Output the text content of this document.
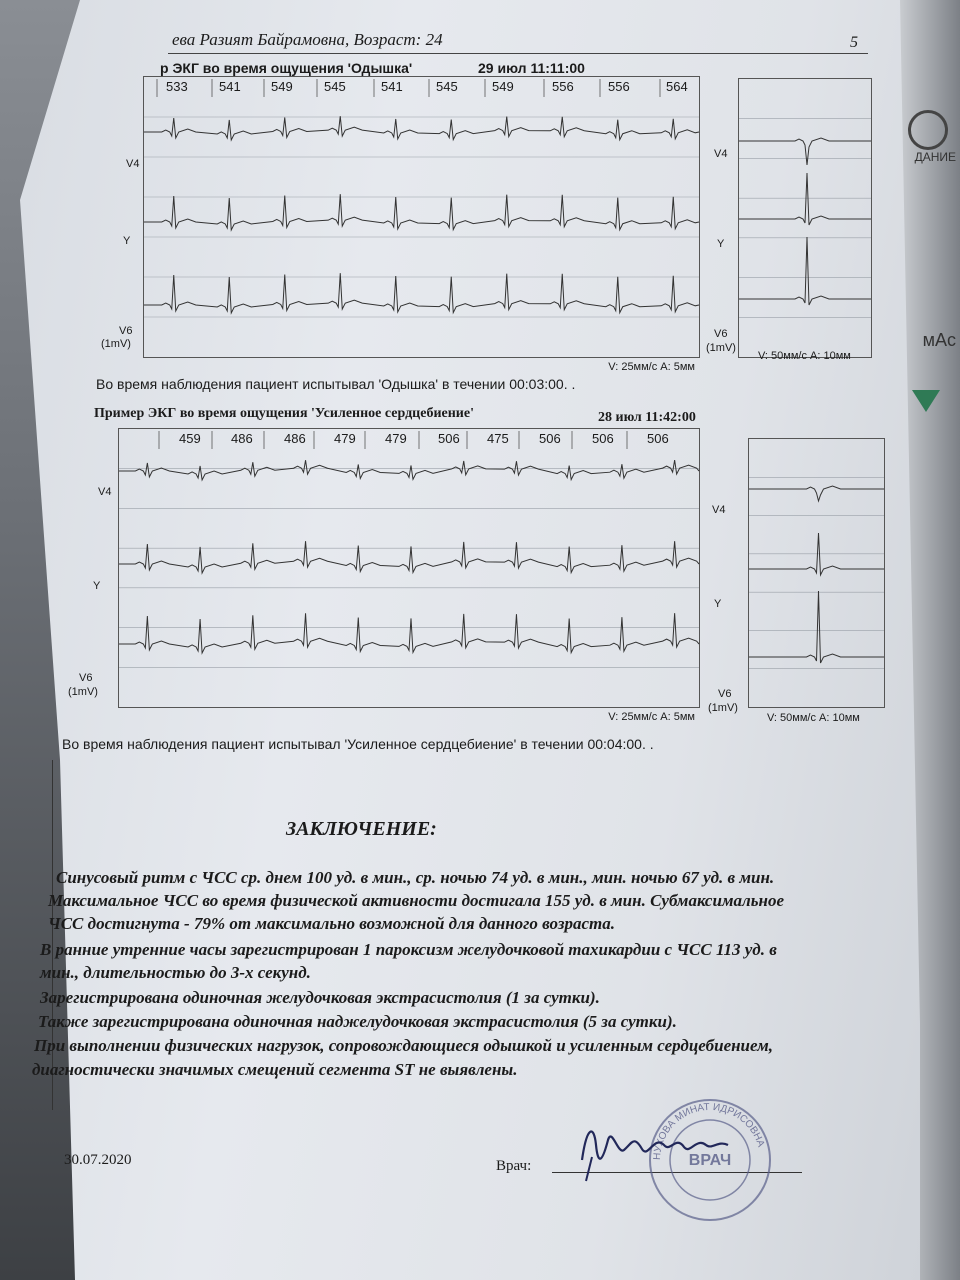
ДАНИЕ
мАс
ева Разият Байрамовна, Возраст: 24	5
р ЭКГ во время ощущения 'Одышка'	29 июл 11:11:00
533 541 549 545	541	545	549	556	556	564
V: 25мм/с А: 5мм
V4
Y
V6
(1mV)
V4
Y
V6
(1mV)
V: 50мм/с А: 10мм
Во время наблюдения пациент испытывал 'Одышка' в течении 00:03:00. .
Пример ЭКГ во время ощущения 'Усиленное сердцебиение'	28 июл 11:42:00
459 486 486 479 479 506 475 506 506	506
V: 25мм/с А: 5мм
V4
Y
V6
(1mV)
V4
Y
V6
(1mV)
V: 50мм/с А: 10мм
Во время наблюдения пациент испытывал 'Усиленное сердцебиение' в течении 00:04:00. .
ЗАКЛЮЧЕНИЕ:
Синусовый ритм с ЧСС ср. днем 100 уд. в мин., ср. ночью 74 уд. в мин., мин. ночью 67 уд. в мин.
Максимальное ЧСС во время физической активности достигала 155 уд. в мин. Субмаксимальное
ЧСС достигнута - 79% от максимально возможной для данного возраста.
В ранние утренние часы зарегистрирован 1 пароксизм желудочковой тахикардии с ЧСС 113 уд. в
мин., длительностью до 3-х секунд.
Зарегистрирована одиночная желудочковая экстрасистолия (1 за сутки).
Также зарегистрирована одиночная наджелудочковая экстрасистолия (5 за сутки).
При выполнении физических нагрузок, сопровождающиеся одышкой и усиленным сердцебиением,
диагностически значимых смещений сегмента ST не выявлены.
30.07.2020	Врач:
НУХОВА МИНАТ ИДРИСОВНА
ВРАЧ
